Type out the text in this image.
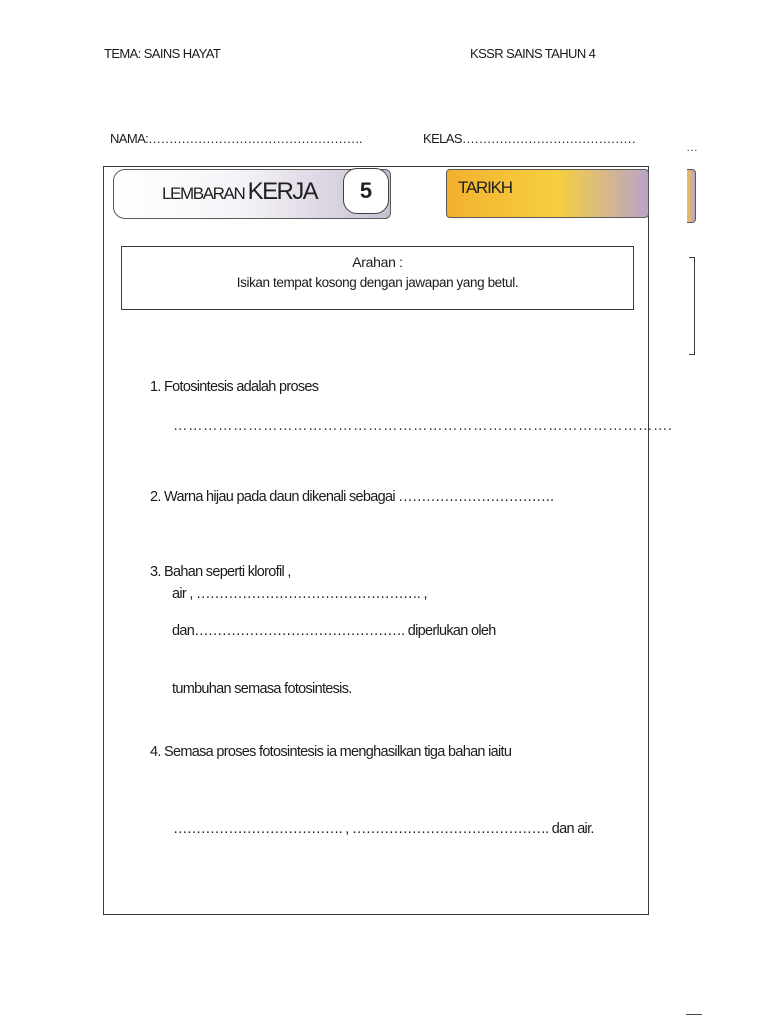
TEMA: SAINS HAYAT	KSSR SAINS TAHUN 4
NAMA:…………………………………………….	KELAS……………………………………
…
LEMBARAN KERJA	5	TARIKH
Arahan :
Isikan tempat kosong dengan jawapan yang betul.
1. Fotosintesis adalah proses
……………………………………………………………………………………….
2. Warna hijau pada daun dikenali sebagai …………………………….
3. Bahan seperti klorofil ,
air , …………………………………………. ,
dan………………………………………. diperlukan oleh
tumbuhan semasa fotosintesis.
4. Semasa proses fotosintesis ia menghasilkan tiga bahan iaitu
………………………………. , ……………………………………. dan air.
